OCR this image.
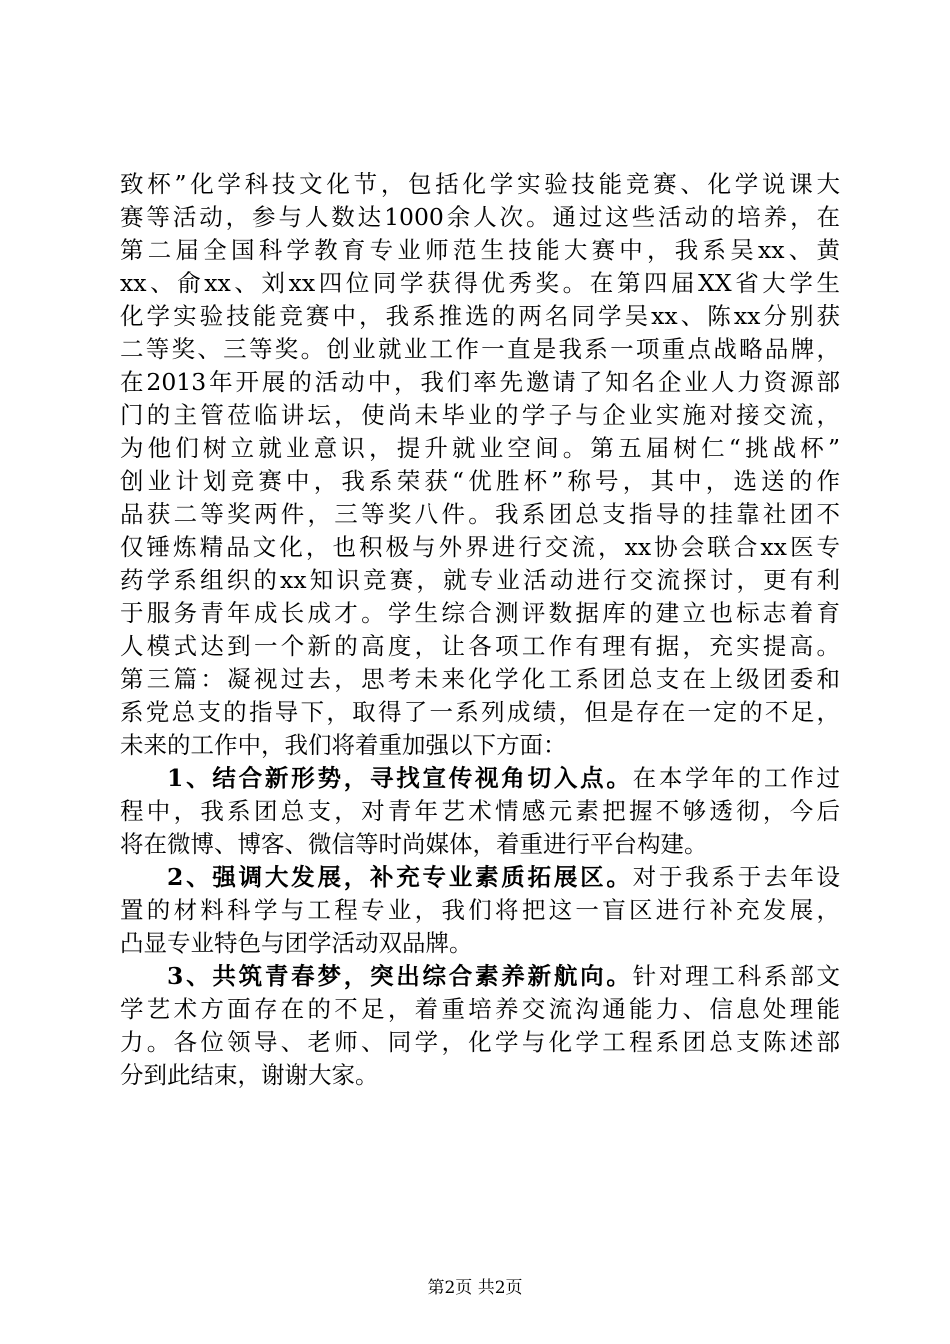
致杯”化学科技文化节，包括化学实验技能竞赛、化学说课大
赛等活动，参与人数达1000余人次。通过这些活动的培养，在
第二届全国科学教育专业师范生技能大赛中，我系吴xx、黄
xx、俞xx、刘xx四位同学获得优秀奖。在第四届XX省大学生
化学实验技能竞赛中，我系推选的两名同学吴xx、陈xx分别获
二等奖、三等奖。创业就业工作一直是我系一项重点战略品牌，
在2013年开展的活动中，我们率先邀请了知名企业人力资源部
门的主管莅临讲坛，使尚未毕业的学子与企业实施对接交流，
为他们树立就业意识，提升就业空间。第五届树仁“挑战杯”
创业计划竞赛中，我系荣获“优胜杯”称号，其中，选送的作
品获二等奖两件，三等奖八件。我系团总支指导的挂靠社团不
仅锤炼精品文化，也积极与外界进行交流，xx协会联合xx医专
药学系组织的xx知识竞赛，就专业活动进行交流探讨，更有利
于服务青年成长成才。学生综合测评数据库的建立也标志着育
人模式达到一个新的高度，让各项工作有理有据，充实提高。
第三篇：凝视过去，思考未来化学化工系团总支在上级团委和
系党总支的指导下，取得了一系列成绩，但是存在一定的不足，
未来的工作中，我们将着重加强以下方面：
1、结合新形势，寻找宣传视角切入点。在本学年的工作过
程中，我系团总支，对青年艺术情感元素把握不够透彻，今后
将在微博、博客、微信等时尚媒体，着重进行平台构建。
2、强调大发展，补充专业素质拓展区。对于我系于去年设
置的材料科学与工程专业，我们将把这一盲区进行补充发展，
凸显专业特色与团学活动双品牌。
3、共筑青春梦，突出综合素养新航向。针对理工科系部文
学艺术方面存在的不足，着重培养交流沟通能力、信息处理能
力。各位领导、老师、同学，化学与化学工程系团总支陈述部
分到此结束，谢谢大家。
第2页 共2页
